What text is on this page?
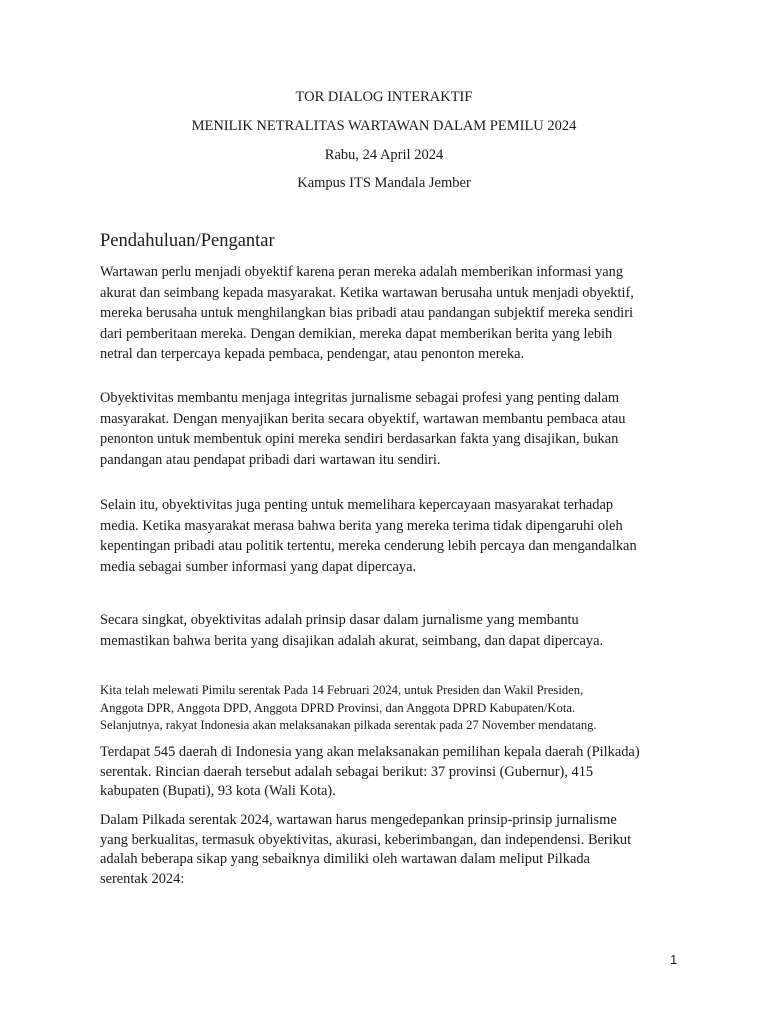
TOR DIALOG INTERAKTIF
MENILIK NETRALITAS WARTAWAN DALAM PEMILU 2024
Rabu, 24 April 2024
Kampus ITS Mandala Jember
Pendahuluan/Pengantar

Wartawan perlu menjadi obyektif karena peran mereka adalah memberikan informasi yang
akurat dan seimbang kepada masyarakat. Ketika wartawan berusaha untuk menjadi obyektif,
mereka berusaha untuk menghilangkan bias pribadi atau pandangan subjektif mereka sendiri
dari pemberitaan mereka. Dengan demikian, mereka dapat memberikan berita yang lebih
netral dan terpercaya kepada pembaca, pendengar, atau penonton mereka.

Obyektivitas membantu menjaga integritas jurnalisme sebagai profesi yang penting dalam
masyarakat. Dengan menyajikan berita secara obyektif, wartawan membantu pembaca atau
penonton untuk membentuk opini mereka sendiri berdasarkan fakta yang disajikan, bukan
pandangan atau pendapat pribadi dari wartawan itu sendiri.

Selain itu, obyektivitas juga penting untuk memelihara kepercayaan masyarakat terhadap
media. Ketika masyarakat merasa bahwa berita yang mereka terima tidak dipengaruhi oleh
kepentingan pribadi atau politik tertentu, mereka cenderung lebih percaya dan mengandalkan
media sebagai sumber informasi yang dapat dipercaya.

Secara singkat, obyektivitas adalah prinsip dasar dalam jurnalisme yang membantu
memastikan bahwa berita yang disajikan adalah akurat, seimbang, dan dapat dipercaya.

Kita telah melewati Pimilu serentak Pada 14 Februari 2024, untuk Presiden dan Wakil Presiden,
Anggota DPR, Anggota DPD, Anggota DPRD Provinsi, dan Anggota DPRD Kabupaten/Kota.
Selanjutnya, rakyat Indonesia akan melaksanakan pilkada serentak pada 27 November mendatang.

Terdapat 545 daerah di Indonesia yang akan melaksanakan pemilihan kepala daerah (Pilkada)
serentak. Rincian daerah tersebut adalah sebagai berikut: 37 provinsi (Gubernur), 415
kabupaten (Bupati), 93 kota (Wali Kota).

Dalam Pilkada serentak 2024, wartawan harus mengedepankan prinsip-prinsip jurnalisme
yang berkualitas, termasuk obyektivitas, akurasi, keberimbangan, dan independensi. Berikut
adalah beberapa sikap yang sebaiknya dimiliki oleh wartawan dalam meliput Pilkada
serentak 2024:

1
